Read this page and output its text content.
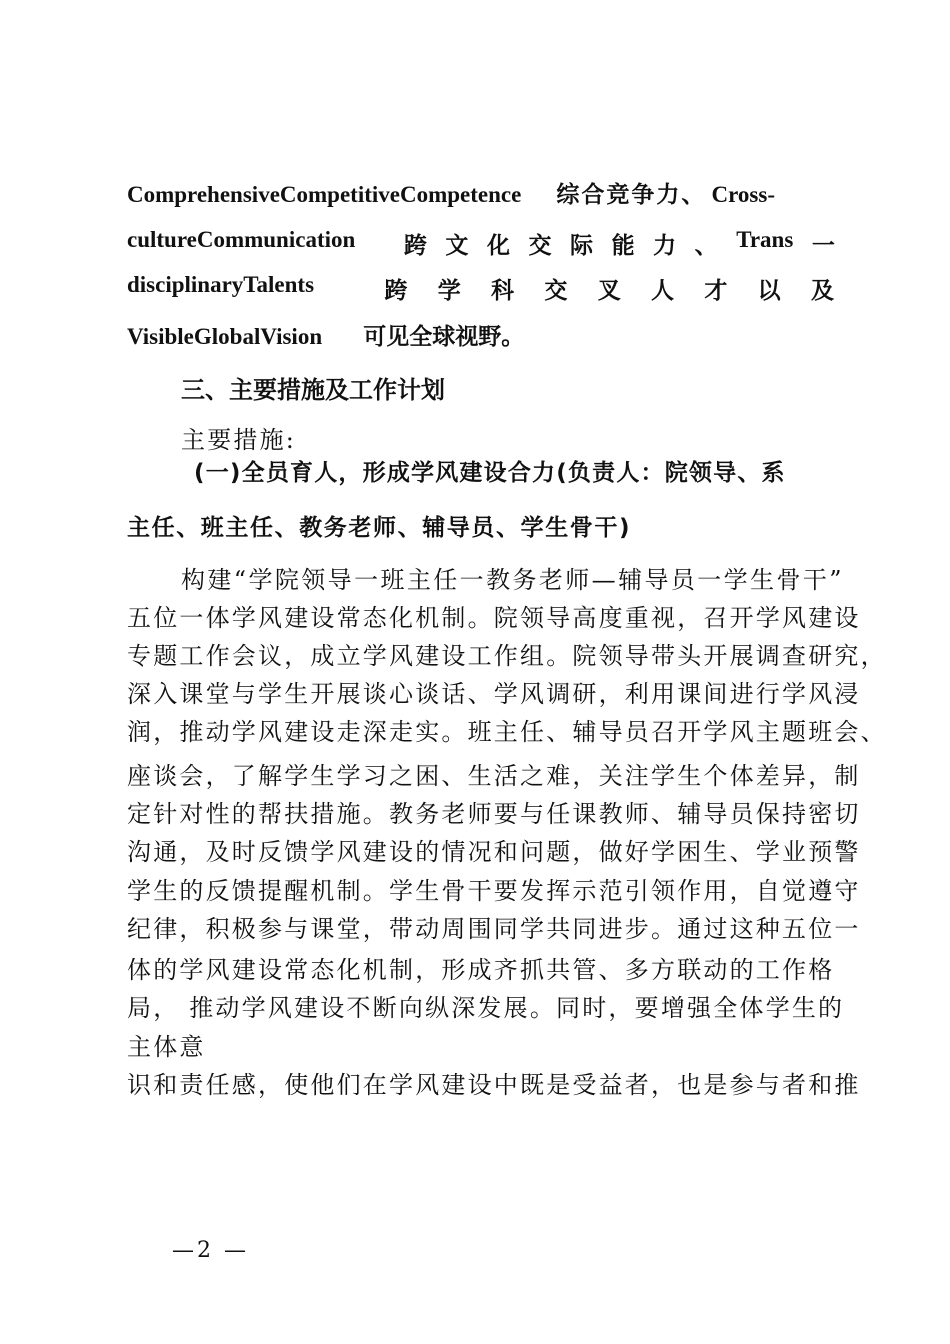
ComprehensiveCompetitiveCompetence 综合竞争力、 Cross-
cultureCommunication 跨 文 化 交 际 能 力 、 Trans 一
disciplinaryTalents	跨 学 科 交 叉 人 才 以 及
VisibleGlobalVision 可见全球视野。
三、主要措施及工作计划
主要措施:
(一)全员育人，形成学风建设合力(负责人：院领导、系
主任、班主任、教务老师、辅导员、学生骨干)
构建“学院领导一班主任一教务老师—辅导员一学生骨干”
五位一体学风建设常态化机制。院领导高度重视，召开学风建设
专题工作会议，成立学风建设工作组。院领导带头开展调查研究，
深入课堂与学生开展谈心谈话、学风调研，利用课间进行学风浸
润，推动学风建设走深走实。班主任、辅导员召开学风主题班会、
座谈会，了解学生学习之困、生活之难，关注学生个体差异，制
定针对性的帮扶措施。教务老师要与任课教师、辅导员保持密切
沟通，及时反馈学风建设的情况和问题，做好学困生、学业预警
学生的反馈提醒机制。学生骨干要发挥示范引领作用，自觉遵守
纪律，积极参与课堂，带动周围同学共同进步。通过这种五位一
体的学风建设常态化机制，形成齐抓共管、多方联动的工作格
局， 推动学风建设不断向纵深发展。同时，要增强全体学生的
主体意
识和责任感，使他们在学风建设中既是受益者，也是参与者和推
—2 —
